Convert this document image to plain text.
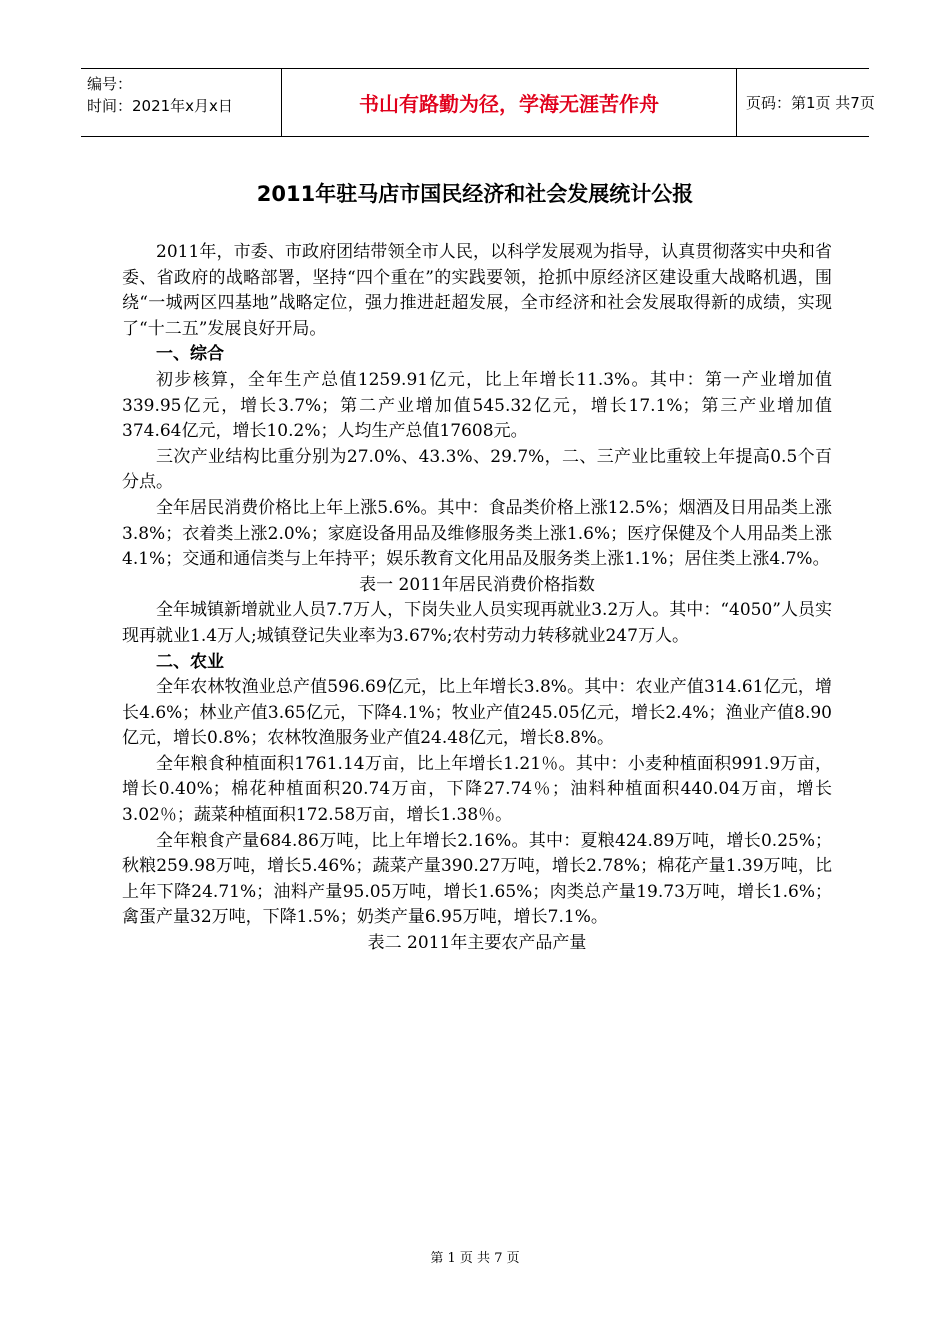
编号：
时间：2021年x月x日	书山有路勤为径，学海无涯苦作舟	页码：第1页 共7页
2011年驻马店市国民经济和社会发展统计公报

2011年，市委、市政府团结带领全市人民，以科学发展观为指导，认真贯彻落实中央和省委、省政府的战略部署，坚持“四个重在”的实践要领，抢抓中原经济区建设重大战略机遇，围绕“一城两区四基地”战略定位，强力推进赶超发展，全市经济和社会发展取得新的成绩，实现了“十二五”发展良好开局。

一、综合

初步核算，全年生产总值1259.91亿元，比上年增长11.3%。其中：第一产业增加值339.95亿元，增长3.7%；第二产业增加值545.32亿元，增长17.1%；第三产业增加值374.64亿元，增长10.2%；人均生产总值17608元。

三次产业结构比重分别为27.0%、43.3%、29.7%，二、三产业比重较上年提高0.5个百分点。

全年居民消费价格比上年上涨5.6%。其中：食品类价格上涨12.5%；烟酒及日用品类上涨3.8%；衣着类上涨2.0%；家庭设备用品及维修服务类上涨1.6%；医疗保健及个人用品类上涨4.1%；交通和通信类与上年持平；娱乐教育文化用品及服务类上涨1.1%；居住类上涨4.7%。

表一 2011年居民消费价格指数

全年城镇新增就业人员7.7万人，下岗失业人员实现再就业3.2万人。其中：“4050”人员实现再就业1.4万人;城镇登记失业率为3.67%;农村劳动力转移就业247万人。

二、农业

全年农林牧渔业总产值596.69亿元，比上年增长3.8%。其中：农业产值314.61亿元，增长4.6%；林业产值3.65亿元，下降4.1%；牧业产值245.05亿元，增长2.4%；渔业产值8.90亿元，增长0.8%；农林牧渔服务业产值24.48亿元，增长8.8%。

全年粮食种植面积1761.14万亩，比上年增长1.21％。其中：小麦种植面积991.9万亩，增长0.40%；棉花种植面积20.74万亩，下降27.74％；油料种植面积440.04万亩，增长3.02％；蔬菜种植面积172.58万亩，增长1.38％。

全年粮食产量684.86万吨，比上年增长2.16%。其中：夏粮424.89万吨，增长0.25%；秋粮259.98万吨，增长5.46%；蔬菜产量390.27万吨，增长2.78%；棉花产量1.39万吨，比上年下降24.71%；油料产量95.05万吨，增长1.65%；肉类总产量19.73万吨，增长1.6%；禽蛋产量32万吨，下降1.5%；奶类产量6.95万吨，增长7.1%。

表二 2011年主要农产品产量

第 1 页 共 7 页
